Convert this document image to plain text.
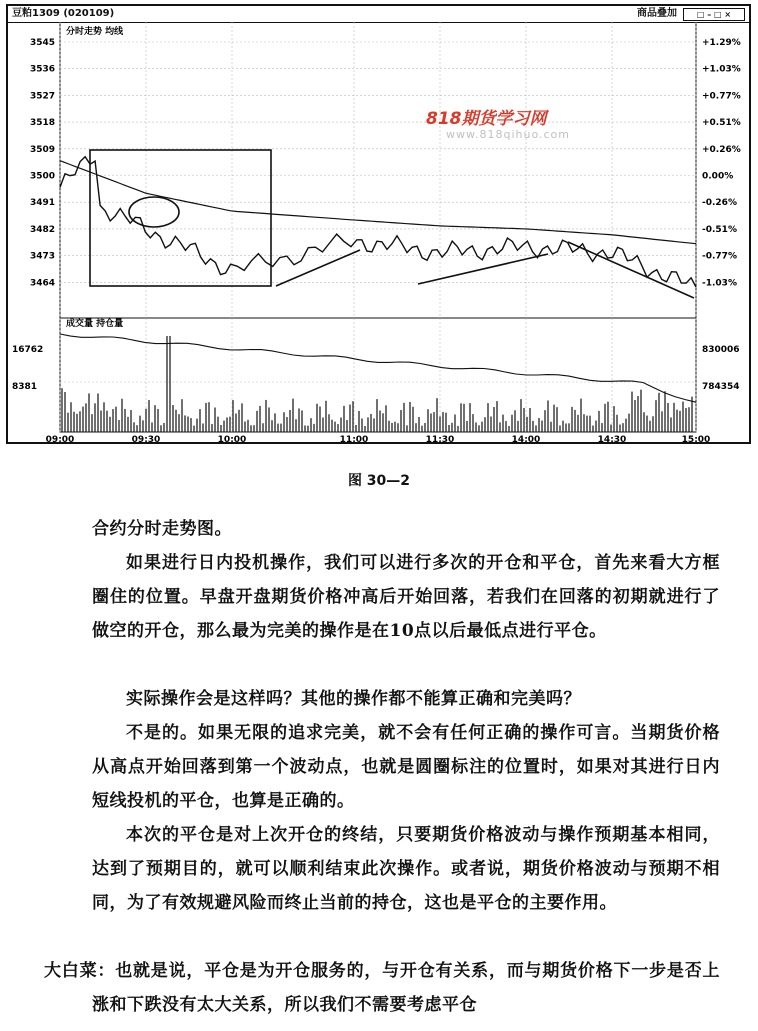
豆粕1309 (020109)	商品叠加	□ – □ ×
分时走势 均线
成交量 持仓量
3545
3536
3527
3518
3509
3500
3491
3482
3473
3464
+1.29%
+1.03%
+0.77%
+0.51%
+0.26%
0.00%
-0.26%
-0.51%
-0.77%
-1.03%
09:00	09:30	10:00	11:00	11:30	14:00	14:30	15:00
16762
8381
830006
784354
818期货学习网
www.818qihuo.com
图 30—2

合约分时走势图。

如果进行日内投机操作，我们可以进行多次的开仓和平仓，首先来看大方框圈住的位置。早盘开盘期货价格冲高后开始回落，若我们在回落的初期就进行了做空的开仓，那么最为完美的操作是在10点以后最低点进行平仓。

实际操作会是这样吗？其他的操作都不能算正确和完美吗？

不是的。如果无限的追求完美，就不会有任何正确的操作可言。当期货价格从高点开始回落到第一个波动点，也就是圆圈标注的位置时，如果对其进行日内短线投机的平仓，也算是正确的。

本次的平仓是对上次开仓的终结，只要期货价格波动与操作预期基本相同，达到了预期目的，就可以顺利结束此次操作。或者说，期货价格波动与预期不相同，为了有效规避风险而终止当前的持仓，这也是平仓的主要作用。

大白菜：也就是说，平仓是为开仓服务的，与开仓有关系，而与期货价格下一步是否上涨和下跌没有太大关系，所以我们不需要考虑平仓
